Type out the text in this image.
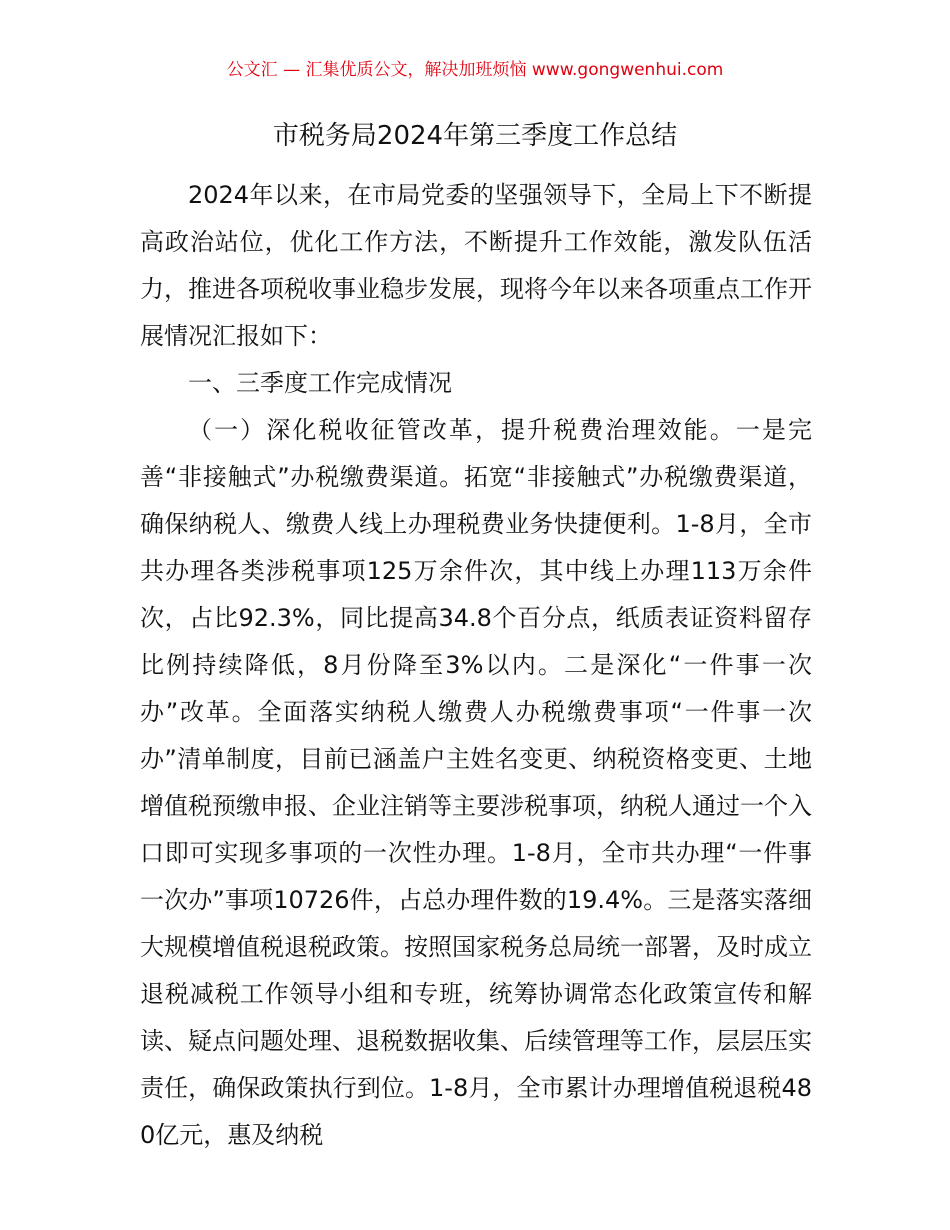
公文汇 — 汇集优质公文，解决加班烦恼 www.gongwenhui.com
市税务局2024年第三季度工作总结

2024年以来，在市局党委的坚强领导下，全局上下不断提高政治站位，优化工作方法，不断提升工作效能，激发队伍活力，推进各项税收事业稳步发展，现将今年以来各项重点工作开展情况汇报如下：

一、三季度工作完成情况

（一）深化税收征管改革，提升税费治理效能。一是完善“非接触式”办税缴费渠道。拓宽“非接触式”办税缴费渠道，确保纳税人、缴费人线上办理税费业务快捷便利。1-8月，全市共办理各类涉税事项125万余件次，其中线上办理113万余件次，占比92.3%，同比提高34.8个百分点，纸质表证资料留存比例持续降低，8月份降至3%以内。二是深化“一件事一次办”改革。全面落实纳税人缴费人办税缴费事项“一件事一次办”清单制度，目前已涵盖户主姓名变更、纳税资格变更、土地增值税预缴申报、企业注销等主要涉税事项，纳税人通过一个入口即可实现多事项的一次性办理。1-8月，全市共办理“一件事一次办”事项10726件，占总办理件数的19.4%。三是落实落细大规模增值税退税政策。按照国家税务总局统一部署，及时成立退税减税工作领导小组和专班，统筹协调常态化政策宣传和解读、疑点问题处理、退税数据收集、后续管理等工作，层层压实责任，确保政策执行到位。1-8月，全市累计办理增值税退税480亿元，惠及纳税
